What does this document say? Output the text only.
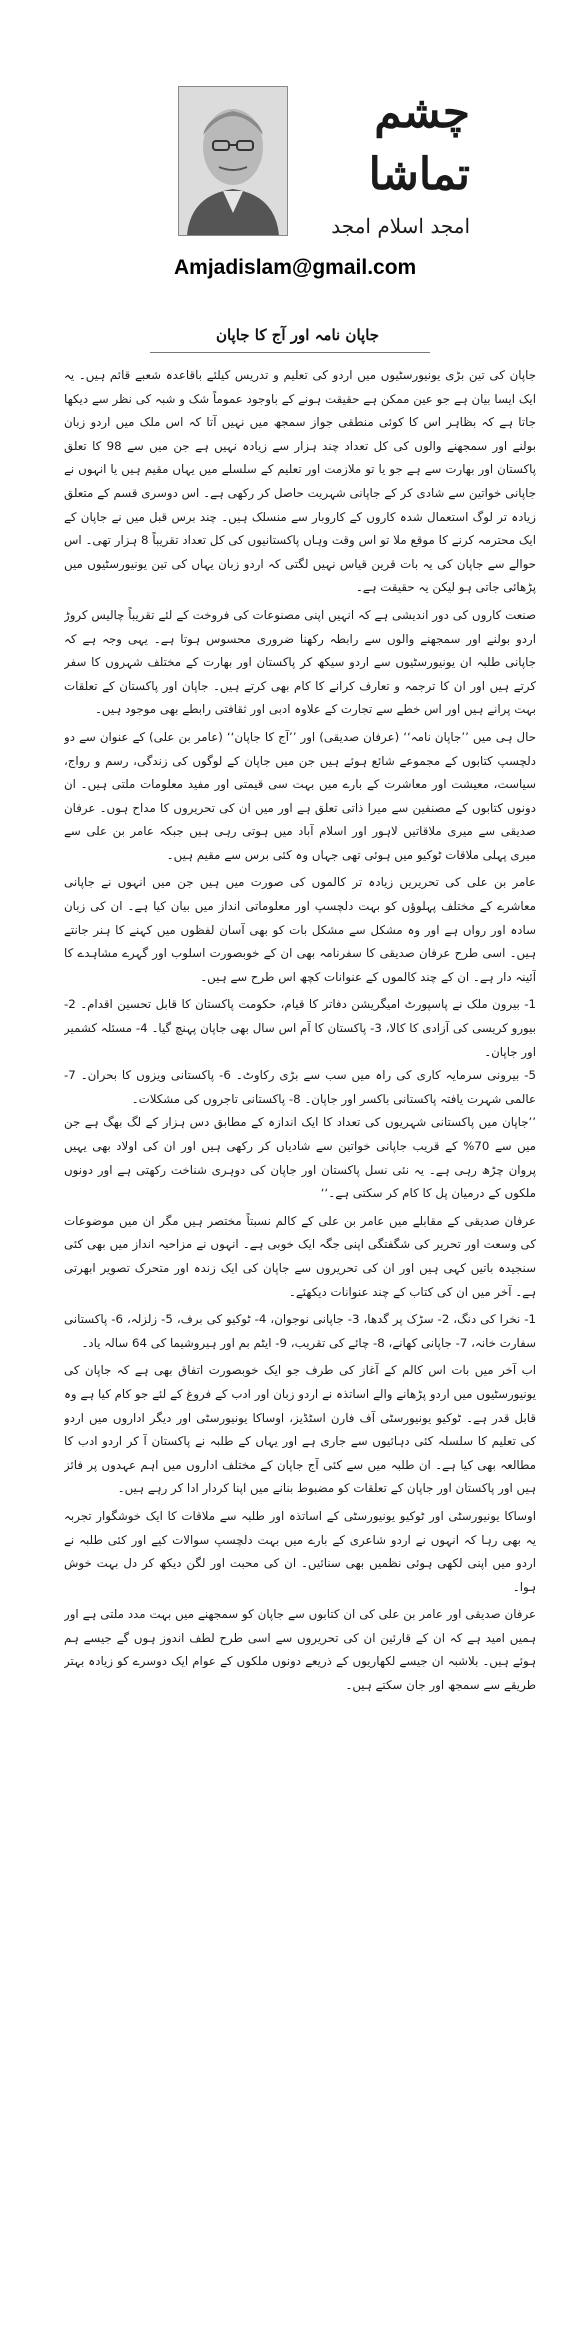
چشم تماشا
امجد اسلام امجد
Amjadislam@gmail.com
جاپان نامہ اور آج کا جاپان

جاپان کی تین بڑی یونیورسٹیوں میں اردو کی تعلیم و تدریس کیلئے باقاعدہ شعبے قائم ہیں۔ یہ ایک ایسا بیان ہے جو عین ممکن ہے حقیقت ہونے کے باوجود عموماً شک و شبہ کی نظر سے دیکھا جاتا ہے کہ بظاہر اس کا کوئی منطقی جواز سمجھ میں نہیں آتا کہ اس ملک میں اردو زبان بولنے اور سمجھنے والوں کی کل تعداد چند ہزار سے زیادہ نہیں ہے جن میں سے 98 کا تعلق پاکستان اور بھارت سے ہے جو یا تو ملازمت اور تعلیم کے سلسلے میں یہاں مقیم ہیں یا انہوں نے جاپانی خواتین سے شادی کر کے جاپانی شہریت حاصل کر رکھی ہے۔ اس دوسری قسم کے متعلق زیادہ تر لوگ استعمال شدہ کاروں کے کاروبار سے منسلک ہیں۔ چند برس قبل میں نے جاپان کے ایک محترمہ کرنے کا موقع ملا تو اس وقت وہاں پاکستانیوں کی کل تعداد تقریباً 8 ہزار تھی۔ اس حوالے سے جاپان کی یہ بات قرین قیاس نہیں لگتی کہ اردو زبان یہاں کی تین یونیورسٹیوں میں پڑھائی جاتی ہو لیکن یہ حقیقت ہے۔

صنعت کاروں کی دور اندیشی ہے کہ انہیں اپنی مصنوعات کی فروخت کے لئے تقریباً چالیس کروڑ اردو بولنے اور سمجھنے والوں سے رابطہ رکھنا ضروری محسوس ہوتا ہے۔ یہی وجہ ہے کہ جاپانی طلبہ ان یونیورسٹیوں سے اردو سیکھ کر پاکستان اور بھارت کے مختلف شہروں کا سفر کرتے ہیں اور ان کا ترجمہ و تعارف کرانے کا کام بھی کرتے ہیں۔ جاپان اور پاکستان کے تعلقات بہت پرانے ہیں اور اس خطے سے تجارت کے علاوہ ادبی اور ثقافتی رابطے بھی موجود ہیں۔

حال ہی میں ’’جاپان نامہ‘‘ (عرفان صدیقی) اور ’’آج کا جاپان‘‘ (عامر بن علی) کے عنوان سے دو دلچسپ کتابوں کے مجموعے شائع ہوئے ہیں جن میں جاپان کے لوگوں کی زندگی، رسم و رواج، سیاست، معیشت اور معاشرت کے بارے میں بہت سی قیمتی اور مفید معلومات ملتی ہیں۔ ان دونوں کتابوں کے مصنفین سے میرا ذاتی تعلق ہے اور میں ان کی تحریروں کا مداح ہوں۔ عرفان صدیقی سے میری ملاقاتیں لاہور اور اسلام آباد میں ہوتی رہی ہیں جبکہ عامر بن علی سے میری پہلی ملاقات ٹوکیو میں ہوئی تھی جہاں وہ کئی برس سے مقیم ہیں۔

عامر بن علی کی تحریریں زیادہ تر کالموں کی صورت میں ہیں جن میں انہوں نے جاپانی معاشرے کے مختلف پہلوؤں کو بہت دلچسپ اور معلوماتی انداز میں بیان کیا ہے۔ ان کی زبان سادہ اور رواں ہے اور وہ مشکل سے مشکل بات کو بھی آسان لفظوں میں کہنے کا ہنر جانتے ہیں۔ اسی طرح عرفان صدیقی کا سفرنامہ بھی ان کے خوبصورت اسلوب اور گہرے مشاہدے کا آئینہ دار ہے۔ ان کے چند کالموں کے عنوانات کچھ اس طرح سے ہیں۔

1- بیرون ملک نے پاسپورٹ امیگریشن دفاتر کا قیام، حکومت پاکستان کا قابل تحسین اقدام۔ 2- بیورو کریسی کی آزادی کا کالا، 3- پاکستان کا آم اس سال بھی جاپان پہنچ گیا۔ 4- مسئلہ کشمیر اور جاپان۔

5- بیرونی سرمایہ کاری کی راہ میں سب سے بڑی رکاوٹ۔ 6- پاکستانی ویزوں کا بحران۔ 7- عالمی شہرت یافتہ پاکستانی باکسر اور جاپان۔ 8- پاکستانی تاجروں کی مشکلات۔

’’جاپان میں پاکستانی شہریوں کی تعداد کا ایک اندازہ کے مطابق دس ہزار کے لگ بھگ ہے جن میں سے 70% کے قریب جاپانی خواتین سے شادیاں کر رکھی ہیں اور ان کی اولاد بھی یہیں پروان چڑھ رہی ہے۔ یہ نئی نسل پاکستان اور جاپان کی دوہری شناخت رکھتی ہے اور دونوں ملکوں کے درمیان پل کا کام کر سکتی ہے۔‘‘

عرفان صدیقی کے مقابلے میں عامر بن علی کے کالم نسبتاً مختصر ہیں مگر ان میں موضوعات کی وسعت اور تحریر کی شگفتگی اپنی جگہ ایک خوبی ہے۔ انہوں نے مزاحیہ انداز میں بھی کئی سنجیدہ باتیں کہی ہیں اور ان کی تحریروں سے جاپان کی ایک زندہ اور متحرک تصویر ابھرتی ہے۔ آخر میں ان کی کتاب کے چند عنوانات دیکھئے۔

1- نخرا کی دنگ، 2- سڑک پر گدھا، 3- جاپانی نوجوان، 4- ٹوکیو کی برف، 5- زلزلہ، 6- پاکستانی سفارت خانہ، 7- جاپانی کھانے، 8- چائے کی تقریب، 9- ایٹم بم اور ہیروشیما کی 64 سالہ یاد۔

اب آخر میں بات اس کالم کے آغاز کی طرف جو ایک خوبصورت اتفاق بھی ہے کہ جاپان کی یونیورسٹیوں میں اردو پڑھانے والے اساتذہ نے اردو زبان اور ادب کے فروغ کے لئے جو کام کیا ہے وہ قابل قدر ہے۔ ٹوکیو یونیورسٹی آف فارن اسٹڈیز، اوساکا یونیورسٹی اور دیگر اداروں میں اردو کی تعلیم کا سلسلہ کئی دہائیوں سے جاری ہے اور یہاں کے طلبہ نے پاکستان آ کر اردو ادب کا مطالعہ بھی کیا ہے۔ ان طلبہ میں سے کئی آج جاپان کے مختلف اداروں میں اہم عہدوں پر فائز ہیں اور پاکستان اور جاپان کے تعلقات کو مضبوط بنانے میں اپنا کردار ادا کر رہے ہیں۔

اوساکا یونیورسٹی اور ٹوکیو یونیورسٹی کے اساتذہ اور طلبہ سے ملاقات کا ایک خوشگوار تجربہ یہ بھی رہا کہ انہوں نے اردو شاعری کے بارے میں بہت دلچسپ سوالات کیے اور کئی طلبہ نے اردو میں اپنی لکھی ہوئی نظمیں بھی سنائیں۔ ان کی محبت اور لگن دیکھ کر دل بہت خوش ہوا۔

عرفان صدیقی اور عامر بن علی کی ان کتابوں سے جاپان کو سمجھنے میں بہت مدد ملتی ہے اور ہمیں امید ہے کہ ان کے قارئین ان کی تحریروں سے اسی طرح لطف اندوز ہوں گے جیسے ہم ہوئے ہیں۔ بلاشبہ ان جیسے لکھاریوں کے ذریعے دونوں ملکوں کے عوام ایک دوسرے کو زیادہ بہتر طریقے سے سمجھ اور جان سکتے ہیں۔
